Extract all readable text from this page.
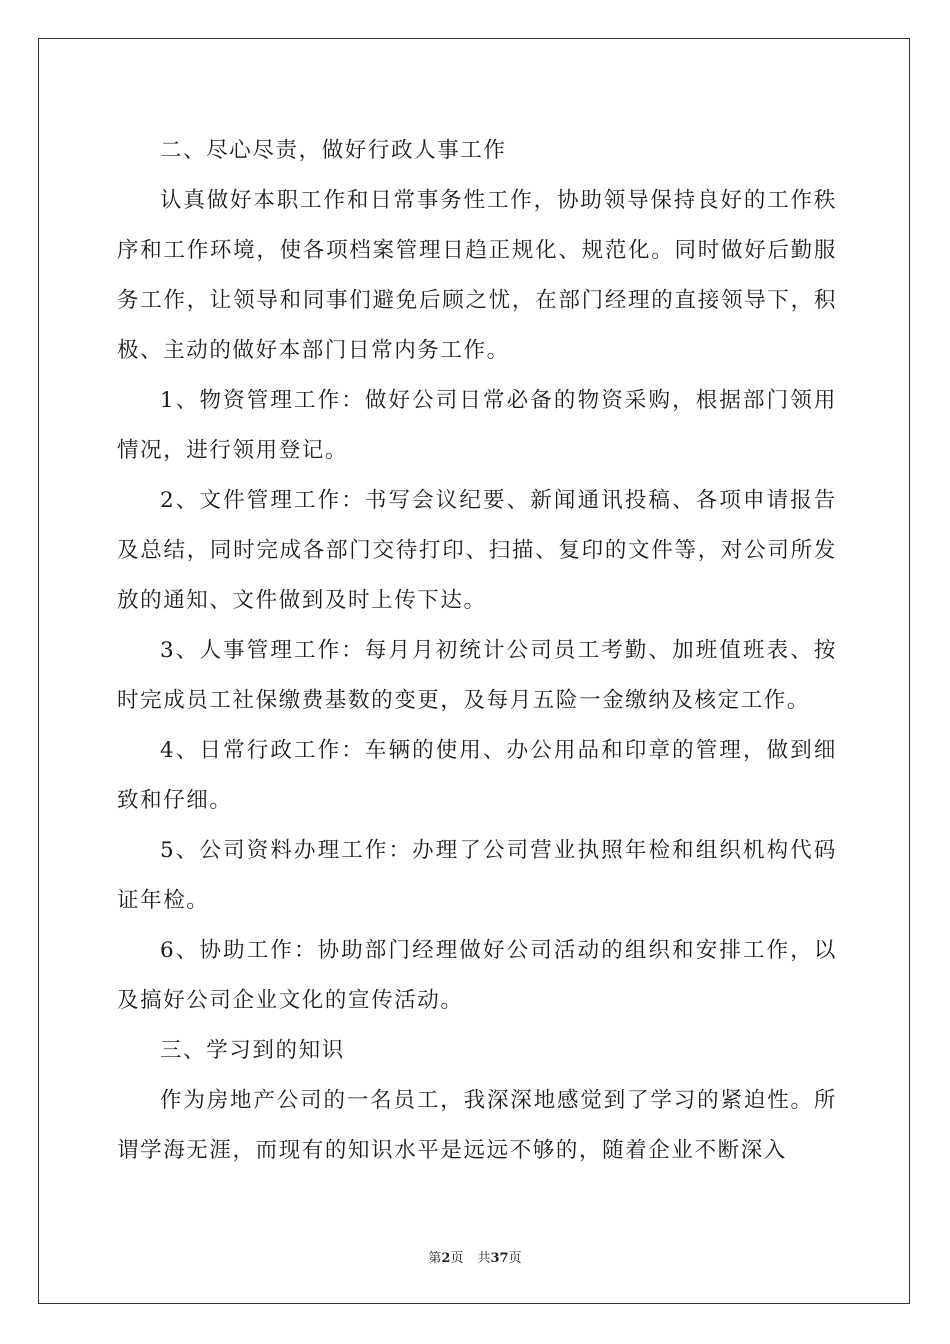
二、尽心尽责，做好行政人事工作

认真做好本职工作和日常事务性工作，协助领导保持良好的工作秩序和工作环境，使各项档案管理日趋正规化、规范化。同时做好后勤服务工作，让领导和同事们避免后顾之忧，在部门经理的直接领导下，积极、主动的做好本部门日常内务工作。

1、物资管理工作：做好公司日常必备的物资采购，根据部门领用情况，进行领用登记。

2、文件管理工作：书写会议纪要、新闻通讯投稿、各项申请报告及总结，同时完成各部门交待打印、扫描、复印的文件等，对公司所发放的通知、文件做到及时上传下达。

3、人事管理工作：每月月初统计公司员工考勤、加班值班表、按时完成员工社保缴费基数的变更，及每月五险一金缴纳及核定工作。

4、日常行政工作：车辆的使用、办公用品和印章的管理，做到细致和仔细。

5、公司资料办理工作：办理了公司营业执照年检和组织机构代码证年检。

6、协助工作：协助部门经理做好公司活动的组织和安排工作，以及搞好公司企业文化的宣传活动。

三、学习到的知识

作为房地产公司的一名员工，我深深地感觉到了学习的紧迫性。所谓学海无涯，而现有的知识水平是远远不够的，随着企业不断深入

第2页 共37页
